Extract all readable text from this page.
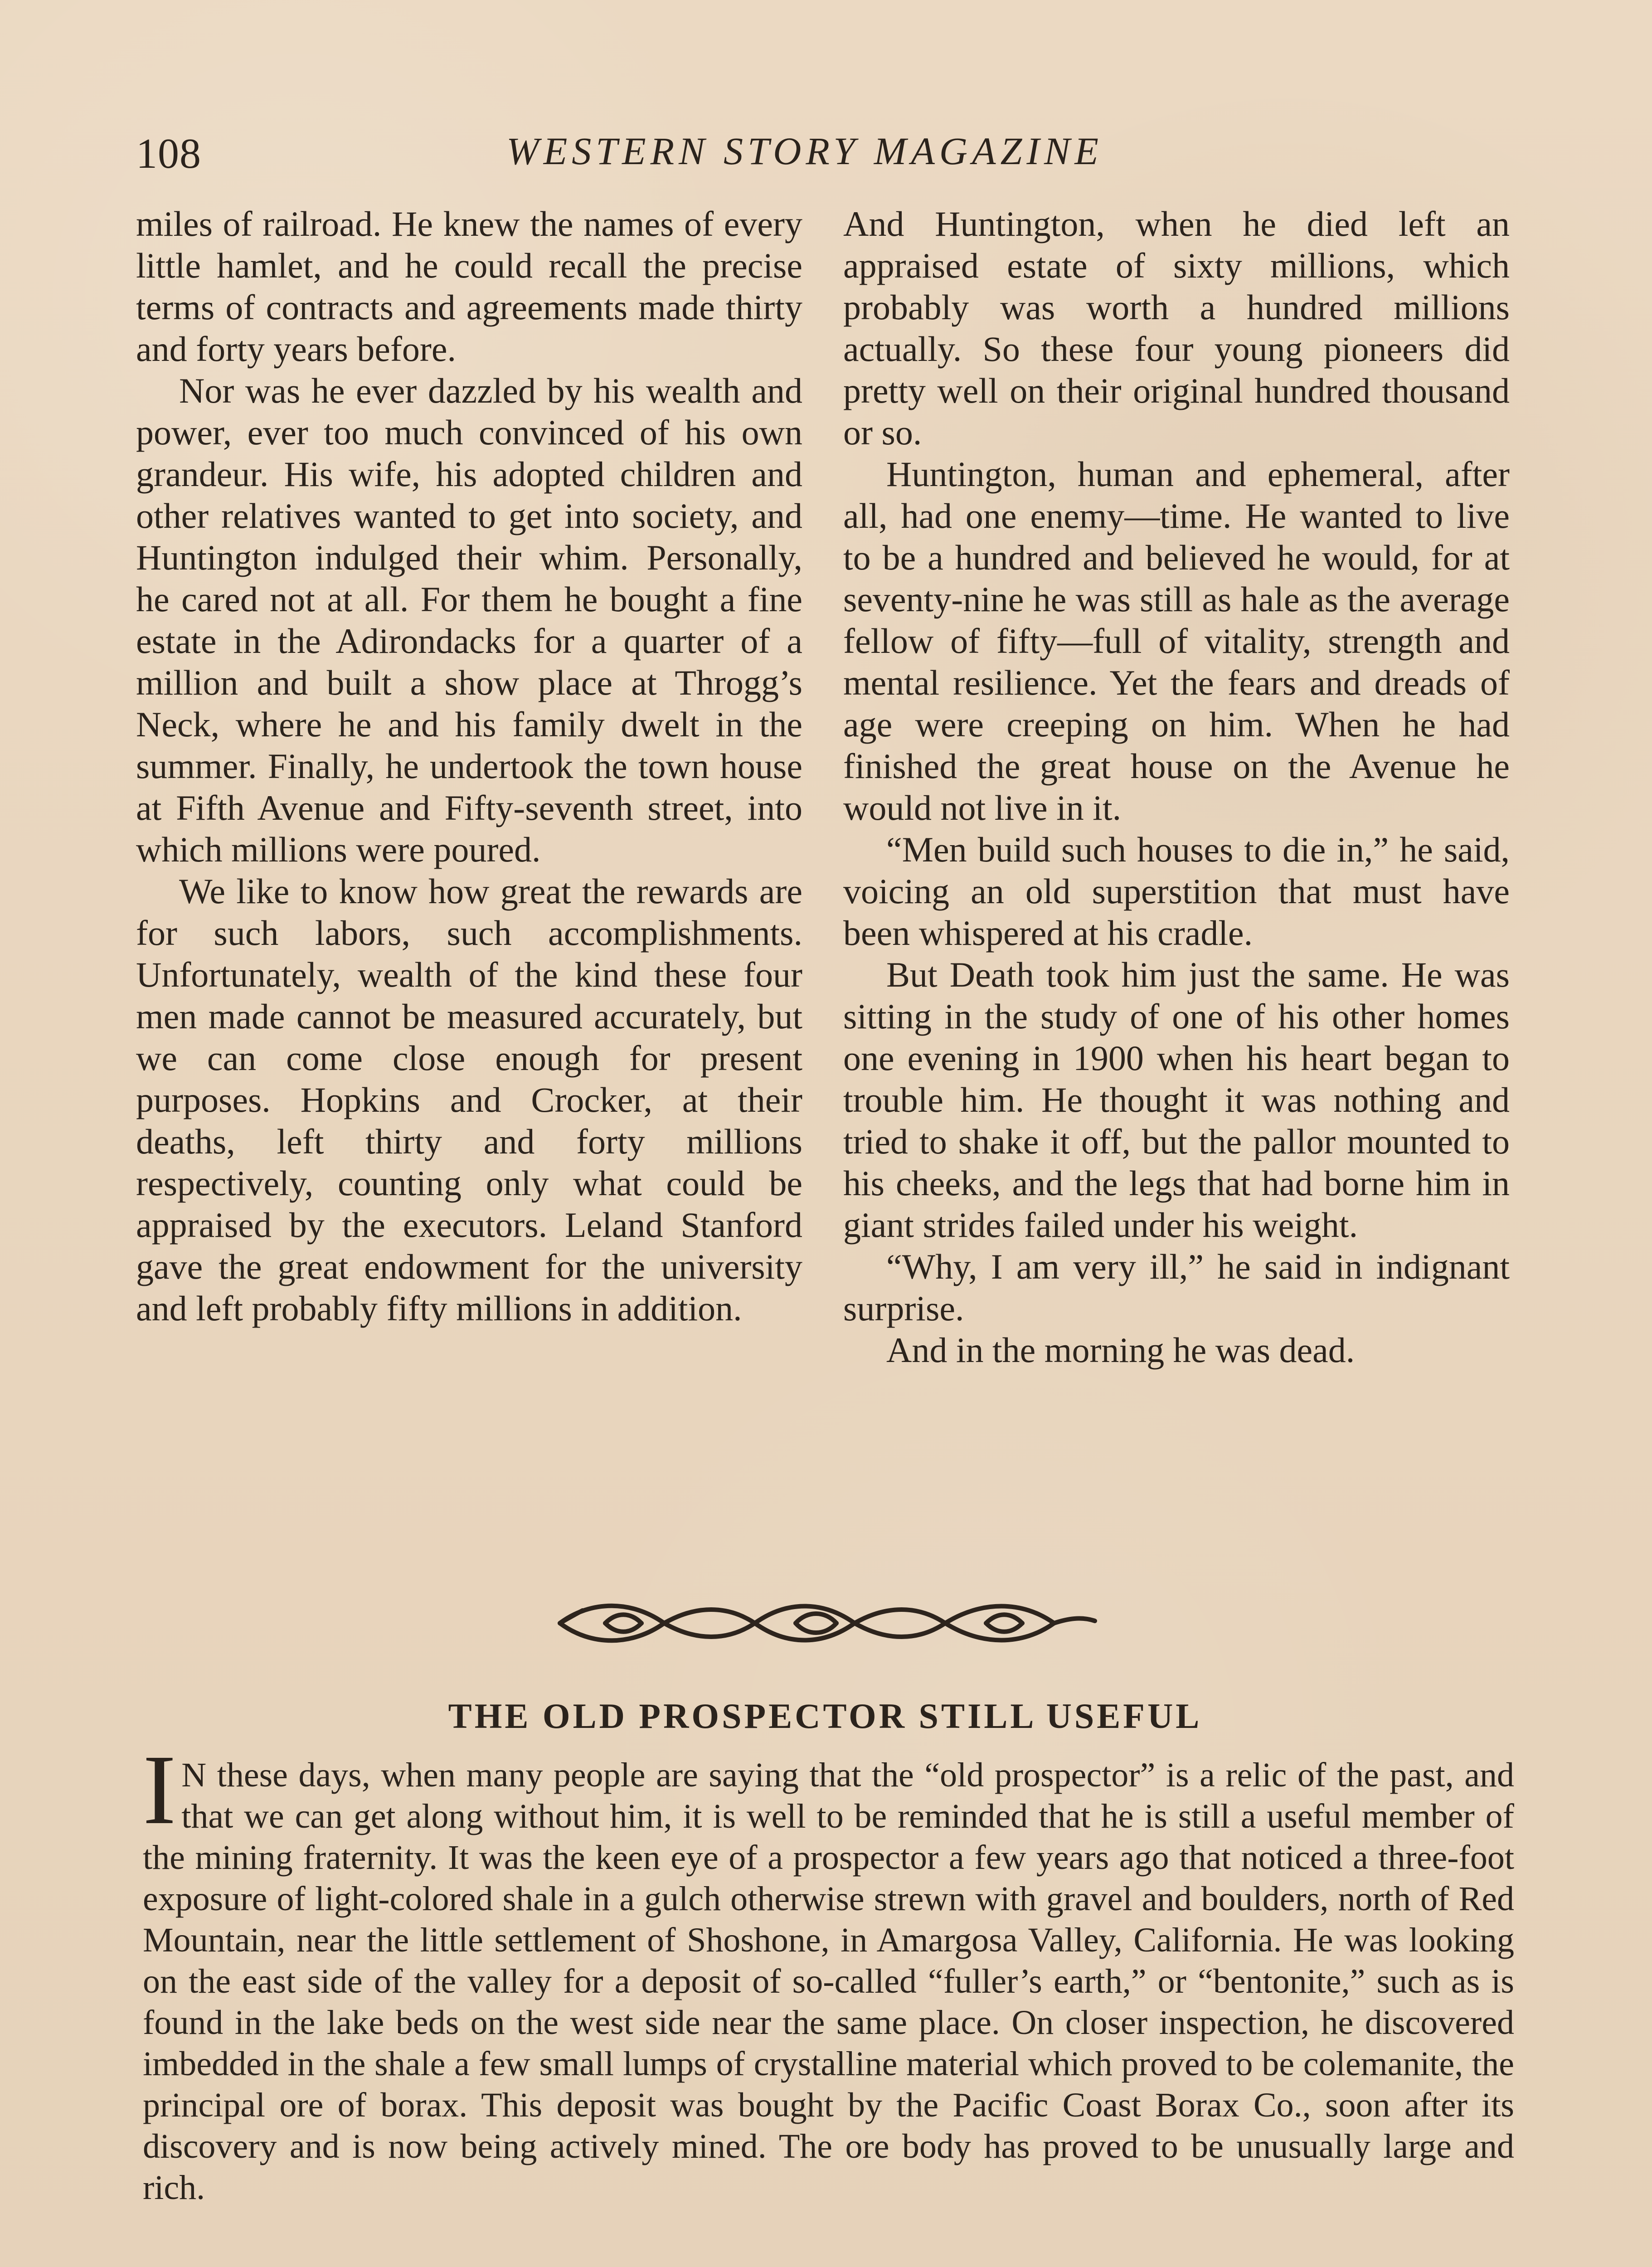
108	WESTERN STORY MAGAZINE

miles of railroad. He knew the names of every little hamlet, and he could recall the precise terms of contracts and agreements made thirty and forty years before.

Nor was he ever dazzled by his wealth and power, ever too much convinced of his own grandeur. His wife, his adopted children and other relatives wanted to get into society, and Huntington indulged their whim. Personally, he cared not at all. For them he bought a fine estate in the Adirondacks for a quarter of a million and built a show place at Throgg’s Neck, where he and his family dwelt in the summer. Finally, he undertook the town house at Fifth Avenue and Fifty-seventh street, into which millions were poured.

We like to know how great the rewards are for such labors, such accomplishments. Unfortunately, wealth of the kind these four men made cannot be measured accurately, but we can come close enough for present purposes. Hopkins and Crocker, at their deaths, left thirty and forty millions respectively, counting only what could be appraised by the executors. Leland Stanford gave the great endowment for the university and left probably fifty millions in addition.

And Huntington, when he died left an appraised estate of sixty millions, which probably was worth a hundred millions actually. So these four young pioneers did pretty well on their original hundred thousand or so.

Huntington, human and ephemeral, after all, had one enemy—time. He wanted to live to be a hundred and believed he would, for at seventy-nine he was still as hale as the average fellow of fifty—full of vitality, strength and mental resilience. Yet the fears and dreads of age were creeping on him. When he had finished the great house on the Avenue he would not live in it.

“Men build such houses to die in,” he said, voicing an old superstition that must have been whispered at his cradle.

But Death took him just the same. He was sitting in the study of one of his other homes one evening in 1900 when his heart began to trouble him. He thought it was nothing and tried to shake it off, but the pallor mounted to his cheeks, and the legs that had borne him in giant strides failed under his weight.

“Why, I am very ill,” he said in indignant surprise.

And in the morning he was dead.

THE OLD PROSPECTOR STILL USEFUL
I N these days, when many people are saying that the “old prospector” is a relic of the past, and that we can get along without him, it is well to be reminded that he is still a useful member of the mining fraternity. It was the keen eye of a prospector a few years ago that noticed a three-foot exposure of light-colored shale in a gulch otherwise strewn with gravel and boulders, north of Red Mountain, near the little settlement of Shoshone, in Amargosa Valley, California. He was looking on the east side of the valley for a deposit of so-called “fuller’s earth,” or “bentonite,” such as is found in the lake beds on the west side near the same place. On closer inspection, he discovered imbedded in the shale a few small lumps of crystalline material which proved to be colemanite, the principal ore of borax. This deposit was bought by the Pacific Coast Borax Co., soon after its discovery and is now being actively mined. The ore body has proved to be unusually large and rich.
